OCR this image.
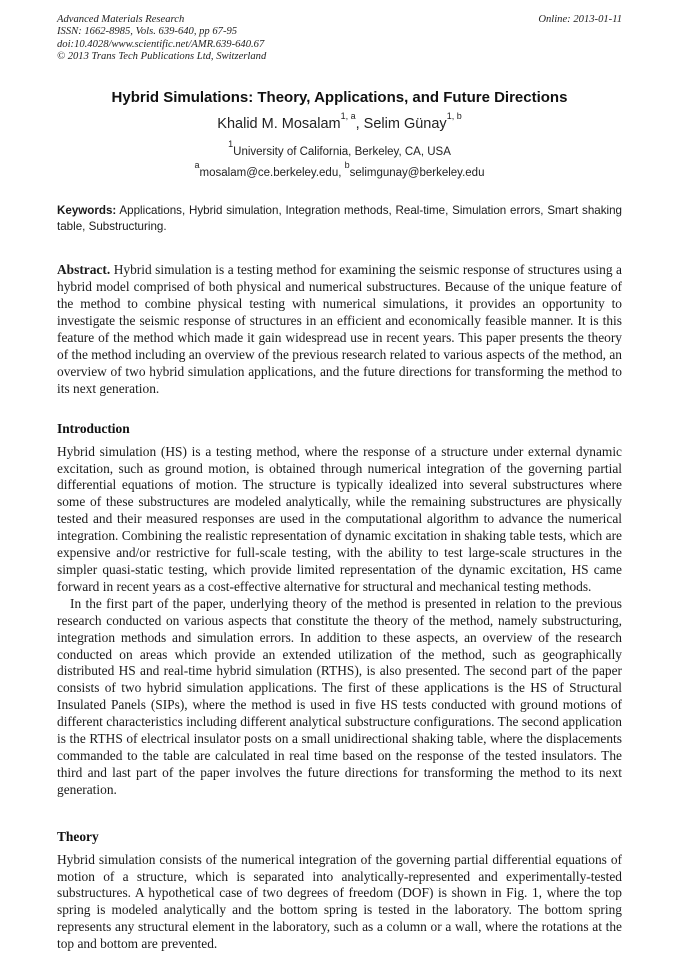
Advanced Materials Research
ISSN: 1662-8985, Vols. 639-640, pp 67-95
doi:10.4028/www.scientific.net/AMR.639-640.67
© 2013 Trans Tech Publications Ltd, Switzerland
Online: 2013-01-11
Hybrid Simulations: Theory, Applications, and Future Directions
Khalid M. Mosalam$^{1, a}$, Selim Günay$^{1, b}$
$^1$University of California, Berkeley, CA, USA
$^a$mosalam@ce.berkeley.edu, $^b$selimgunay@berkeley.edu
Keywords: Applications, Hybrid simulation, Integration methods, Real-time, Simulation errors, Smart shaking table, Substructuring.
Abstract. Hybrid simulation is a testing method for examining the seismic response of structures using a hybrid model comprised of both physical and numerical substructures. Because of the unique feature of the method to combine physical testing with numerical simulations, it provides an opportunity to investigate the seismic response of structures in an efficient and economically feasible manner. It is this feature of the method which made it gain widespread use in recent years. This paper presents the theory of the method including an overview of the previous research related to various aspects of the method, an overview of two hybrid simulation applications, and the future directions for transforming the method to its next generation.
Introduction

Hybrid simulation (HS) is a testing method, where the response of a structure under external dynamic excitation, such as ground motion, is obtained through numerical integration of the governing partial differential equations of motion. The structure is typically idealized into several substructures where some of these substructures are modeled analytically, while the remaining substructures are physically tested and their measured responses are used in the computational algorithm to advance the numerical integration. Combining the realistic representation of dynamic excitation in shaking table tests, which are expensive and/or restrictive for full-scale testing, with the ability to test large-scale structures in the simpler quasi-static testing, which provide limited representation of the dynamic excitation, HS came forward in recent years as a cost-effective alternative for structural and mechanical testing methods.

In the first part of the paper, underlying theory of the method is presented in relation to the previous research conducted on various aspects that constitute the theory of the method, namely substructuring, integration methods and simulation errors. In addition to these aspects, an overview of the research conducted on areas which provide an extended utilization of the method, such as geographically distributed HS and real-time hybrid simulation (RTHS), is also presented. The second part of the paper consists of two hybrid simulation applications. The first of these applications is the HS of Structural Insulated Panels (SIPs), where the method is used in five HS tests conducted with ground motions of different characteristics including different analytical substructure configurations. The second application is the RTHS of electrical insulator posts on a small unidirectional shaking table, where the displacements commanded to the table are calculated in real time based on the response of the tested insulators. The third and last part of the paper involves the future directions for transforming the method to its next generation.

Theory

Hybrid simulation consists of the numerical integration of the governing partial differential equations of motion of a structure, which is separated into analytically-represented and experimentally-tested substructures. A hypothetical case of two degrees of freedom (DOF) is shown in Fig. 1, where the top spring is modeled analytically and the bottom spring is tested in the laboratory. The bottom spring represents any structural element in the laboratory, such as a column or a wall, where the rotations at the top and bottom are prevented.
